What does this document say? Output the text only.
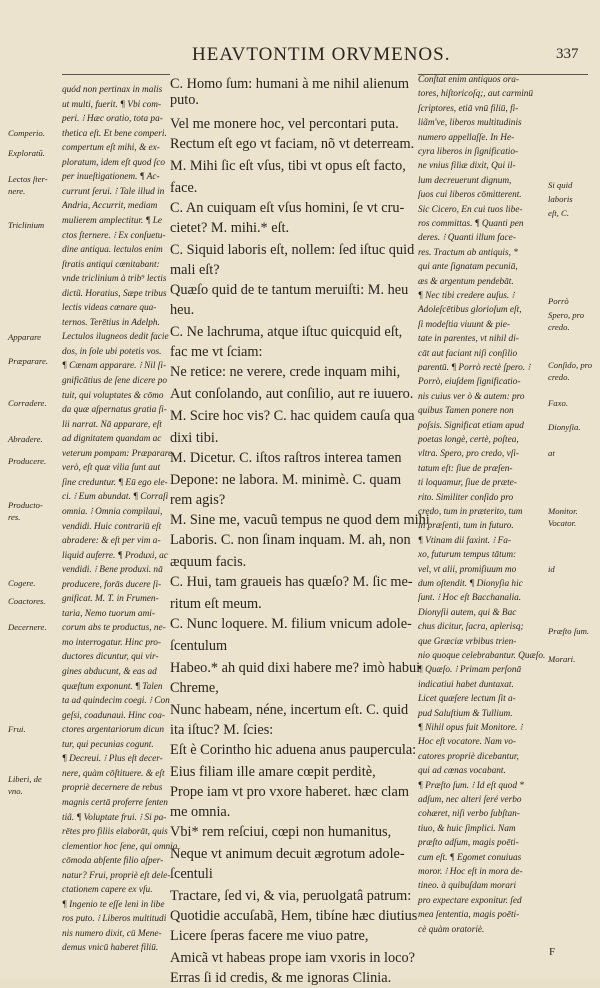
HEAVTONTIM ORVMENOS.	337
quód non pertinax in malis
ut multi, fuerit. ¶ Vbi com-
peri. ⁝ Hæc oratio, tota pa-
thetica eſt. Et bene comperi.
compertum eſt mihi, & ex-
ploratum, idem eſt quod ſco
per inueſtigationem. ¶ Ac-
currunt ſerui. ⁝ Tale illud in
Andria, Accurrit, mediam
mulierem amplectitur. ¶ Le
ctos ſternere. ⁝ Ex conſuetu-
dine antiqua. lectulos enim
ſtratis antiqui cœnitabant:
vnde triclinium à trib⁹ lectis
dictũ. Horatius, Sæpe tribus
lectis videas cœnare qua-
ternos. Terētius in Adelph.
Lectulos ilugneos dedit facie
dos, in ſole ubi potetis vos.
¶ Cœnam apparare. ⁝ Nil ſi-
gnificātius de ſene dicere po
tuit, qui voluptates & cōmo
da quæ aſpernatus gratia ſi-
lii narrat. Nā apparare, eſt
ad dignitatem quandam ac
veterum pompam: Præparare
verò, eſt quæ vilia ſunt aut
ſine creduntur. ¶ Eū ego ele-
ci. ⁝ Eum abundat. ¶ Corraſi
omnia. ⁝ Omnia compilaui,
vendidi. Huic contrariū eſt
abradere: & eſt per vim a-
liquid auferre. ¶ Produxi, ac
vendidi. ⁝ Bene produxi. nā
producere, forās ducere ſi-
gnificat. M. T. in Frumen-
taria, Nemo tuorum ami-
corum abs te productus, ne-
mo interrogatur. Hinc pro-
ductores dicuntur, qui vir-
gines abducunt, & eas ad
quæſtum exponunt. ¶ Talen
ta ad quindecim coegi. ⁝ Con
geſsi, coadunaui. Hinc coa-
ctores argentariorum dicun
tur, qui pecunias cogunt.
¶ Decreui. ⁝ Plus eſt decer-
nere, quàm cōſtituere. & eſt
propriè decernere de rebus
magnis certā proferre ſenten
tiã. ¶ Voluptate frui. ⁝ Si pa-
rētes pro filiis elaborāt, quis
clementior hoc ſene, qui omnia
cōmoda abſente filio aſper-
natur? Frui, propriè eſt dele-
ctationem capere ex vſu.
¶ Ingenio te eſſe leni in libe
ros puto. ⁝ Liberos multitudi
nis numero dixit, cū Mene-
demus vnicū haberet filiū.
C. Homo ſum: humani à me nihil alienum
puto.
Vel me monere hoc, vel percontari puta.
Rectum eſt ego vt faciam, nõ vt deterream.
M. Mihi ſic eſt vſus, tibi vt opus eſt facto,
face.
C. An cuiquam eſt vſus homini, ſe vt cru-
cietet? M. mihi.* eſt.
C. Siquid laboris eſt, nollem: ſed iſtuc quid
mali eſt?
Quæſo quid de te tantum meruiſti: M. heu
heu.
C. Ne lachruma, atque iſtuc quicquid eſt,
fac me vt ſciam:
Ne retice: ne verere, crede inquam mihi,
Aut conſolando, aut conſilio, aut re iuuero.
M. Scire hoc vis? C. hac quidem cauſa qua
dixi tibi.
M. Dicetur. C. iſtos raſtros interea tamen
Depone: ne labora. M. minimè. C. quam
rem agis?
M. Sine me, vacuũ tempus ne quod dem mihi
Laboris. C. non ſinam inquam. M. ah, non
æquum facis.
C. Hui, tam graueis has quæſo? M. ſic me-
ritum eſt meum.
C. Nunc loquere. M. filium vnicum adole-
ſcentulum
Habeo.* ah quid dixi habere me? imò habui
Chreme,
Nunc habeam, néne, incertum eſt. C. quid
ita iſtuc? M. ſcies:
Eſt è Corintho hic aduena anus paupercula:
Eius filiam ille amare cœpit perditè,
Prope iam vt pro vxore haberet. hæc clam
me omnia.
Vbi* rem reſciui, cœpi non humanitus,
Neque vt animum decuit ægrotum adole-
ſcentuli
Tractare, ſed vi, & via, peruolgatâ patrum:
Quotidie accuſabã, Hem, tibíne hæc diutius
Licere ſperas facere me viuo patre,
Amicã vt habeas prope iam vxoris in loco?
Erras ſi id credis, & me ignoras Clinia.
Conſtat enim antiquos ora-
tores, hiſtoricoſq;, aut carminū
ſcriptores, etiā vnū filiū, fi-
liãm've, liberos multitudinis
numero appellaſſe. In He-
cyra liberos in ſignificatio-
ne vnius filiæ dixit, Qui il-
lum decreuerunt dignum,
ſuos cui liberos cōmitterent.
Sic Cicero, En cui tuos libe-
ros committas. ¶ Quanti pen
deres. ⁝ Quanti illum face-
res. Tractum ab antiquis, *
qui ante ſignatam pecuniā,
æs & argentum pendebāt.
¶ Nec tibi credere auſus. ⁝
Adoleſcētibus glorioſum eſt,
ſi modeſtia viuunt & pie-
tate in parentes, vt nihil di-
cāt aut faciant niſi conſilio
parentū. ¶ Porrò rectè ſpero. ⁝
Porrò, eiuſdem ſignificatio-
nis cuius ver ò & autem: pro
quibus Tamen ponere non
poſsis. Significat etiam apud
poetas longè, certè, poſtea,
vltra. Spero, pro credo, vſi-
tatum eſt: ſiue de præſen-
ti loquamur, ſiue de præte-
rito. Similiter conſido pro
credo, tum in præterito, tum
in præſenti, tum in futuro.
¶ Vtinam dii faxint. ⁝ Fa-
xo, futurum tempus tātum:
vel, vt alii, promiſiuum mo
dum oſtendit. ¶ Dionyſia hic
ſunt. ⁝ Hoc eſt Bacchanalia.
Dionyſii autem, qui & Bac
chus dicitur, ſacra, aplerisq;
que Græciæ vrbibus trien-
nio quoque celebrabantur. Quæſo.
¶ Quæſo. ⁝ Primam perſonā
indicatiui habet duntaxat.
Licet quæſere lectum ſit a-
pud Saluſtium & Tullium.
¶ Nihil opus fuit Monitore. ⁝
Hoc eſt vocatore. Nam vo-
catores propriè dicebantur,
qui ad cœnas vocabant.
¶ Præſto ſum. ⁝ Id eſt quod *
adſum, nec alteri ſeré verbo
cohæret, niſi verbo ſubſtan-
tiuo, & huic ſimplici. Nam
præſto adſum, magis poēti-
cum eſt. ¶ Egomet conuiuas
moror. ⁝ Hoc eſt in mora de-
tineo. à quibuſdam morari
pro expectare exponitur. ſed
mea ſententia, magis poēti-
cè quàm oratoriè.
Comperio.
Exploratū.
Lectos ſter-
nere.
Triclinium
Apparare
Præparare.
Corradere.
Abradere.
Producere.
Producto-
res.
Cogere.
Coactores.
Decernere.
Frui.
Liberi, de
vno.
Si quid
laboris
eſt, C.
Porrò
Spero, pro
credo.
Conſido, pro
credo.
Faxo.
Dionyſia.
at
Monitor.
Vocator.
id
Præſto ſum.
Morari.
F
